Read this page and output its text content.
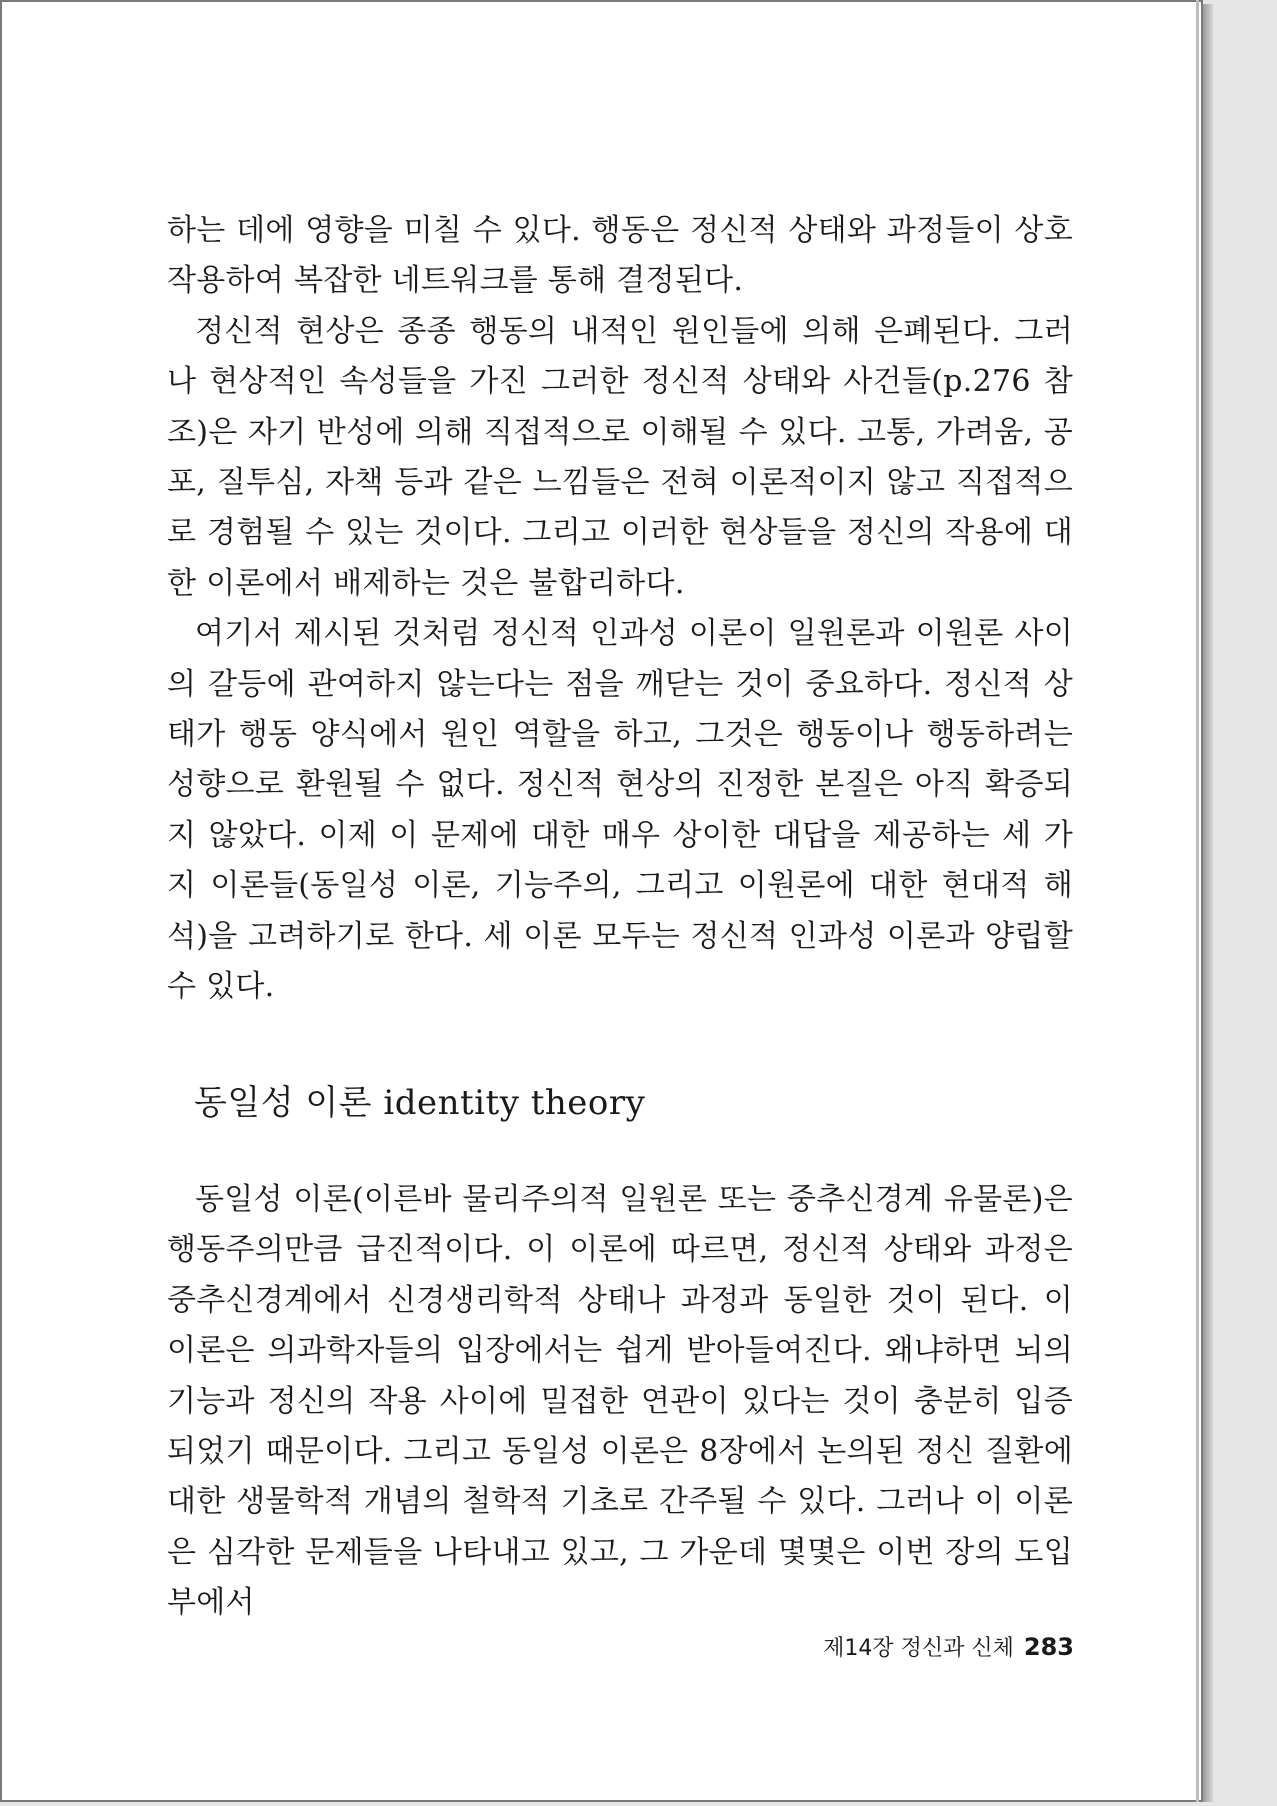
하는 데에 영향을 미칠 수 있다. 행동은 정신적 상태와 과정들이 상호작용하여 복잡한 네트워크를 통해 결정된다.

정신적 현상은 종종 행동의 내적인 원인들에 의해 은폐된다. 그러나 현상적인 속성들을 가진 그러한 정신적 상태와 사건들(p.276 참조)은 자기 반성에 의해 직접적으로 이해될 수 있다. 고통, 가려움, 공포, 질투심, 자책 등과 같은 느낌들은 전혀 이론적이지 않고 직접적으로 경험될 수 있는 것이다. 그리고 이러한 현상들을 정신의 작용에 대한 이론에서 배제하는 것은 불합리하다.

여기서 제시된 것처럼 정신적 인과성 이론이 일원론과 이원론 사이의 갈등에 관여하지 않는다는 점을 깨닫는 것이 중요하다. 정신적 상태가 행동 양식에서 원인 역할을 하고, 그것은 행동이나 행동하려는 성향으로 환원될 수 없다. 정신적 현상의 진정한 본질은 아직 확증되지 않았다. 이제 이 문제에 대한 매우 상이한 대답을 제공하는 세 가지 이론들(동일성 이론, 기능주의, 그리고 이원론에 대한 현대적 해석)을 고려하기로 한다. 세 이론 모두는 정신적 인과성 이론과 양립할 수 있다.

동일성 이론 identity theory

동일성 이론(이른바 물리주의적 일원론 또는 중추신경계 유물론)은 행동주의만큼 급진적이다. 이 이론에 따르면, 정신적 상태와 과정은 중추신경계에서 신경생리학적 상태나 과정과 동일한 것이 된다. 이 이론은 의과학자들의 입장에서는 쉽게 받아들여진다. 왜냐하면 뇌의 기능과 정신의 작용 사이에 밀접한 연관이 있다는 것이 충분히 입증되었기 때문이다. 그리고 동일성 이론은 8장에서 논의된 정신 질환에 대한 생물학적 개념의 철학적 기초로 간주될 수 있다. 그러나 이 이론은 심각한 문제들을 나타내고 있고, 그 가운데 몇몇은 이번 장의 도입부에서

제14장 정신과 신체 283
